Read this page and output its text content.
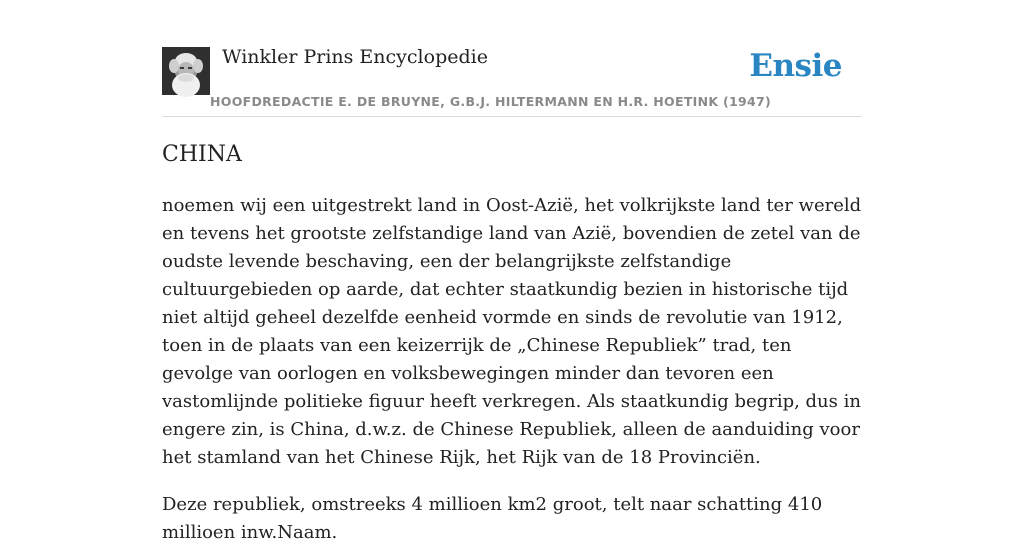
Winkler Prins Encyclopedie
HOOFDREDACTIE E. DE BRUYNE, G.B.J. HILTERMANN EN H.R. HOETINK (1947)
Ensie
CHINA

noemen wij een uitgestrekt land in Oost-Azië, het volkrijkste land ter wereld en tevens het grootste zelfstandige land van Azië, bovendien de zetel van de oudste levende beschaving, een der belangrijkste zelfstandige cultuurgebieden op aarde, dat echter staatkundig bezien in historische tijd niet altijd geheel dezelfde eenheid vormde en sinds de revolutie van 1912, toen in de plaats van een keizerrijk de „Chinese Republiek” trad, ten gevolge van oorlogen en volksbewegingen minder dan tevoren een vastomlijnde politieke figuur heeft verkregen. Als staatkundig begrip, dus in engere zin, is China, d.w.z. de Chinese Republiek, alleen de aanduiding voor het stamland van het Chinese Rijk, het Rijk van de 18 Provinciën.

Deze republiek, omstreeks 4 millioen km2 groot, telt naar schatting 410 millioen inw.Naam.
